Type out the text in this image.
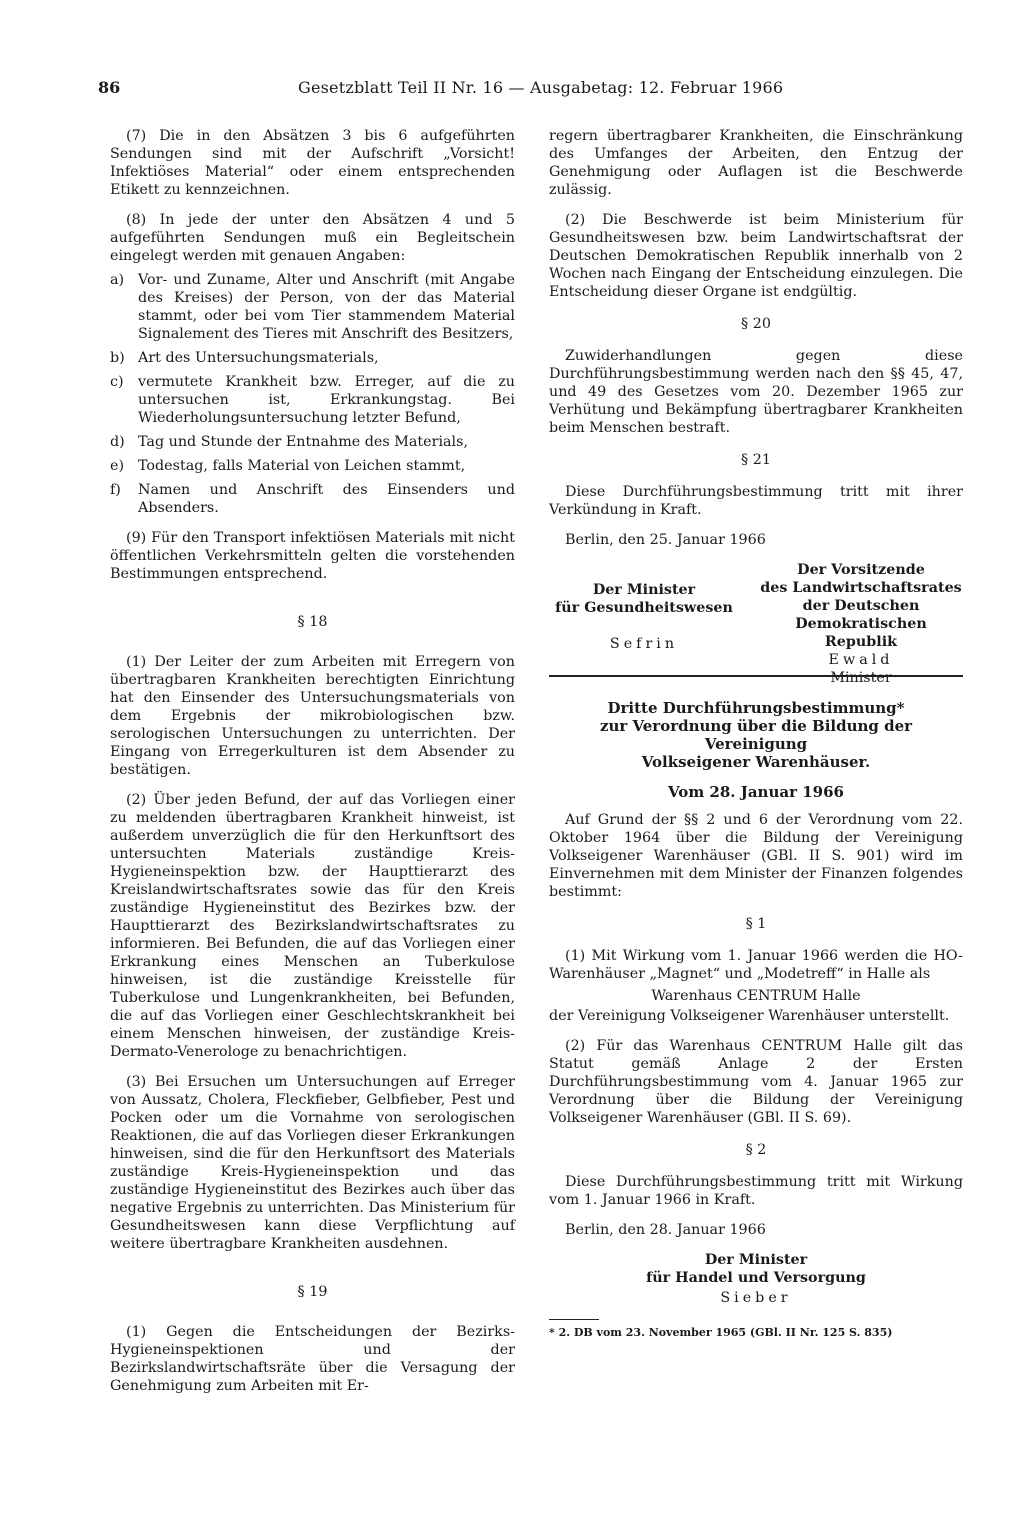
86	Gesetzblatt Teil II Nr. 16 — Ausgabetag: 12. Februar 1966
(7) Die in den Absätzen 3 bis 6 aufgeführten Sendungen sind mit der Aufschrift „Vorsicht! Infektiöses Material“ oder einem entsprechenden Etikett zu kennzeichnen.
(8) In jede der unter den Absätzen 4 und 5 aufgeführten Sendungen muß ein Begleitschein eingelegt werden mit genauen Angaben:
a) Vor- und Zuname, Alter und Anschrift (mit Angabe des Kreises) der Person, von der das Material stammt, oder bei vom Tier stammendem Material Signalement des Tieres mit Anschrift des Besitzers,
b) Art des Untersuchungsmaterials,
c) vermutete Krankheit bzw. Erreger, auf die zu untersuchen ist, Erkrankungstag. Bei Wiederholungsuntersuchung letzter Befund,
d) Tag und Stunde der Entnahme des Materials,
e) Todestag, falls Material von Leichen stammt,
f) Namen und Anschrift des Einsenders und Absenders.
(9) Für den Transport infektiösen Materials mit nicht öffentlichen Verkehrsmitteln gelten die vorstehenden Bestimmungen entsprechend.
§ 18
(1) Der Leiter der zum Arbeiten mit Erregern von übertragbaren Krankheiten berechtigten Einrichtung hat den Einsender des Untersuchungsmaterials von dem Ergebnis der mikrobiologischen bzw. serologischen Untersuchungen zu unterrichten. Der Eingang von Erregerkulturen ist dem Absender zu bestätigen.
(2) Über jeden Befund, der auf das Vorliegen einer zu meldenden übertragbaren Krankheit hinweist, ist außerdem unverzüglich die für den Herkunftsort des untersuchten Materials zuständige Kreis-Hygieneinspektion bzw. der Haupttierarzt des Kreislandwirtschaftsrates sowie das für den Kreis zuständige Hygieneinstitut des Bezirkes bzw. der Haupttierarzt des Bezirkslandwirtschaftsrates zu informieren. Bei Befunden, die auf das Vorliegen einer Erkrankung eines Menschen an Tuberkulose hinweisen, ist die zuständige Kreisstelle für Tuberkulose und Lungenkrankheiten, bei Befunden, die auf das Vorliegen einer Geschlechtskrankheit bei einem Menschen hinweisen, der zuständige Kreis-Dermato-Venerologe zu benachrichtigen.
(3) Bei Ersuchen um Untersuchungen auf Erreger von Aussatz, Cholera, Fleckfieber, Gelbfieber, Pest und Pocken oder um die Vornahme von serologischen Reaktionen, die auf das Vorliegen dieser Erkrankungen hinweisen, sind die für den Herkunftsort des Materials zuständige Kreis-Hygieneinspektion und das zuständige Hygieneinstitut des Bezirkes auch über das negative Ergebnis zu unterrichten. Das Ministerium für Gesundheitswesen kann diese Verpflichtung auf weitere übertragbare Krankheiten ausdehnen.
§ 19
(1) Gegen die Entscheidungen der Bezirks-Hygieneinspektionen und der Bezirkslandwirtschaftsräte über die Versagung der Genehmigung zum Arbeiten mit Er-
regern übertragbarer Krankheiten, die Einschränkung des Umfanges der Arbeiten, den Entzug der Genehmigung oder Auflagen ist die Beschwerde zulässig.
(2) Die Beschwerde ist beim Ministerium für Gesundheitswesen bzw. beim Landwirtschaftsrat der Deutschen Demokratischen Republik innerhalb von 2 Wochen nach Eingang der Entscheidung einzulegen. Die Entscheidung dieser Organe ist endgültig.
§ 20
Zuwiderhandlungen gegen diese Durchführungsbestimmung werden nach den §§ 45, 47, und 49 des Gesetzes vom 20. Dezember 1965 zur Verhütung und Bekämpfung übertragbarer Krankheiten beim Menschen bestraft.
§ 21
Diese Durchführungsbestimmung tritt mit ihrer Verkündung in Kraft.
Berlin, den 25. Januar 1966
Der Minister
für Gesundheitswesen
Sefrin
Der Vorsitzende
des Landwirtschaftsrates
der Deutschen
Demokratischen Republik
Ewald
Minister
Dritte Durchführungsbestimmung*
zur Verordnung über die Bildung der Vereinigung
Volkseigener Warenhäuser.
Vom 28. Januar 1966
Auf Grund der §§ 2 und 6 der Verordnung vom 22. Oktober 1964 über die Bildung der Vereinigung Volkseigener Warenhäuser (GBl. II S. 901) wird im Einvernehmen mit dem Minister der Finanzen folgendes bestimmt:
§ 1
(1) Mit Wirkung vom 1. Januar 1966 werden die HO-Warenhäuser „Magnet“ und „Modetreff“ in Halle als
Warenhaus CENTRUM Halle
der Vereinigung Volkseigener Warenhäuser unterstellt.
(2) Für das Warenhaus CENTRUM Halle gilt das Statut gemäß Anlage 2 der Ersten Durchführungsbestimmung vom 4. Januar 1965 zur Verordnung über die Bildung der Vereinigung Volkseigener Warenhäuser (GBl. II S. 69).
§ 2
Diese Durchführungsbestimmung tritt mit Wirkung vom 1. Januar 1966 in Kraft.
Berlin, den 28. Januar 1966
Der Minister
für Handel und Versorgung
Sieber
* 2. DB vom 23. November 1965 (GBl. II Nr. 125 S. 835)
